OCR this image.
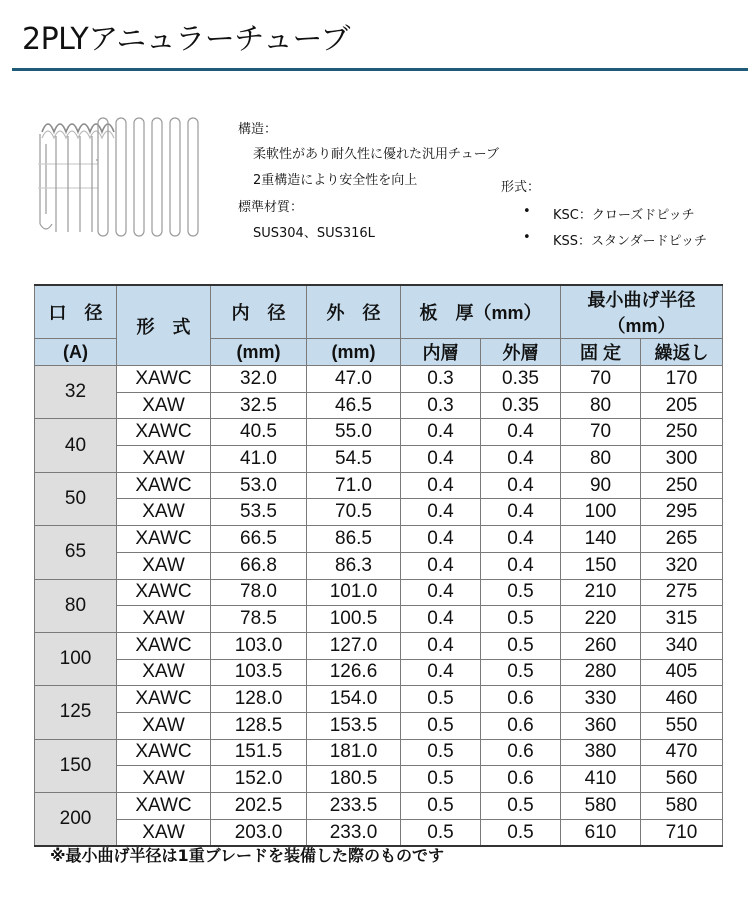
2PLYアニュラーチューブ
構造：
柔軟性があり耐久性に優れた汎用チューブ
2重構造により安全性を向上
標準材質：
SUS304、SUS316L
形式：
• KSC：クローズドピッチ
• KSS：スタンダードピッチ
口　径	形　式	内　径	外　径	板　厚（mm）		最小曲げ半径（mm）	
(A)		(mm)	(mm)	内層	外層	固 定	繰返し
32	XAWC	32.0	47.0	0.3	0.35	70	170
	XAW	32.5	46.5	0.3	0.35	80	205
40	XAWC	40.5	55.0	0.4	0.4	70	250
	XAW	41.0	54.5	0.4	0.4	80	300
50	XAWC	53.0	71.0	0.4	0.4	90	250
	XAW	53.5	70.5	0.4	0.4	100	295
65	XAWC	66.5	86.5	0.4	0.4	140	265
	XAW	66.8	86.3	0.4	0.4	150	320
80	XAWC	78.0	101.0	0.4	0.5	210	275
	XAW	78.5	100.5	0.4	0.5	220	315
100	XAWC	103.0	127.0	0.4	0.5	260	340
	XAW	103.5	126.6	0.4	0.5	280	405
125	XAWC	128.0	154.0	0.5	0.6	330	460
	XAW	128.5	153.5	0.5	0.6	360	550
150	XAWC	151.5	181.0	0.5	0.6	380	470
	XAW	152.0	180.5	0.5	0.6	410	560
200	XAWC	202.5	233.5	0.5	0.5	580	580
	XAW	203.0	233.0	0.5	0.5	610	710
※最小曲げ半径は1重ブレードを装備した際のものです
